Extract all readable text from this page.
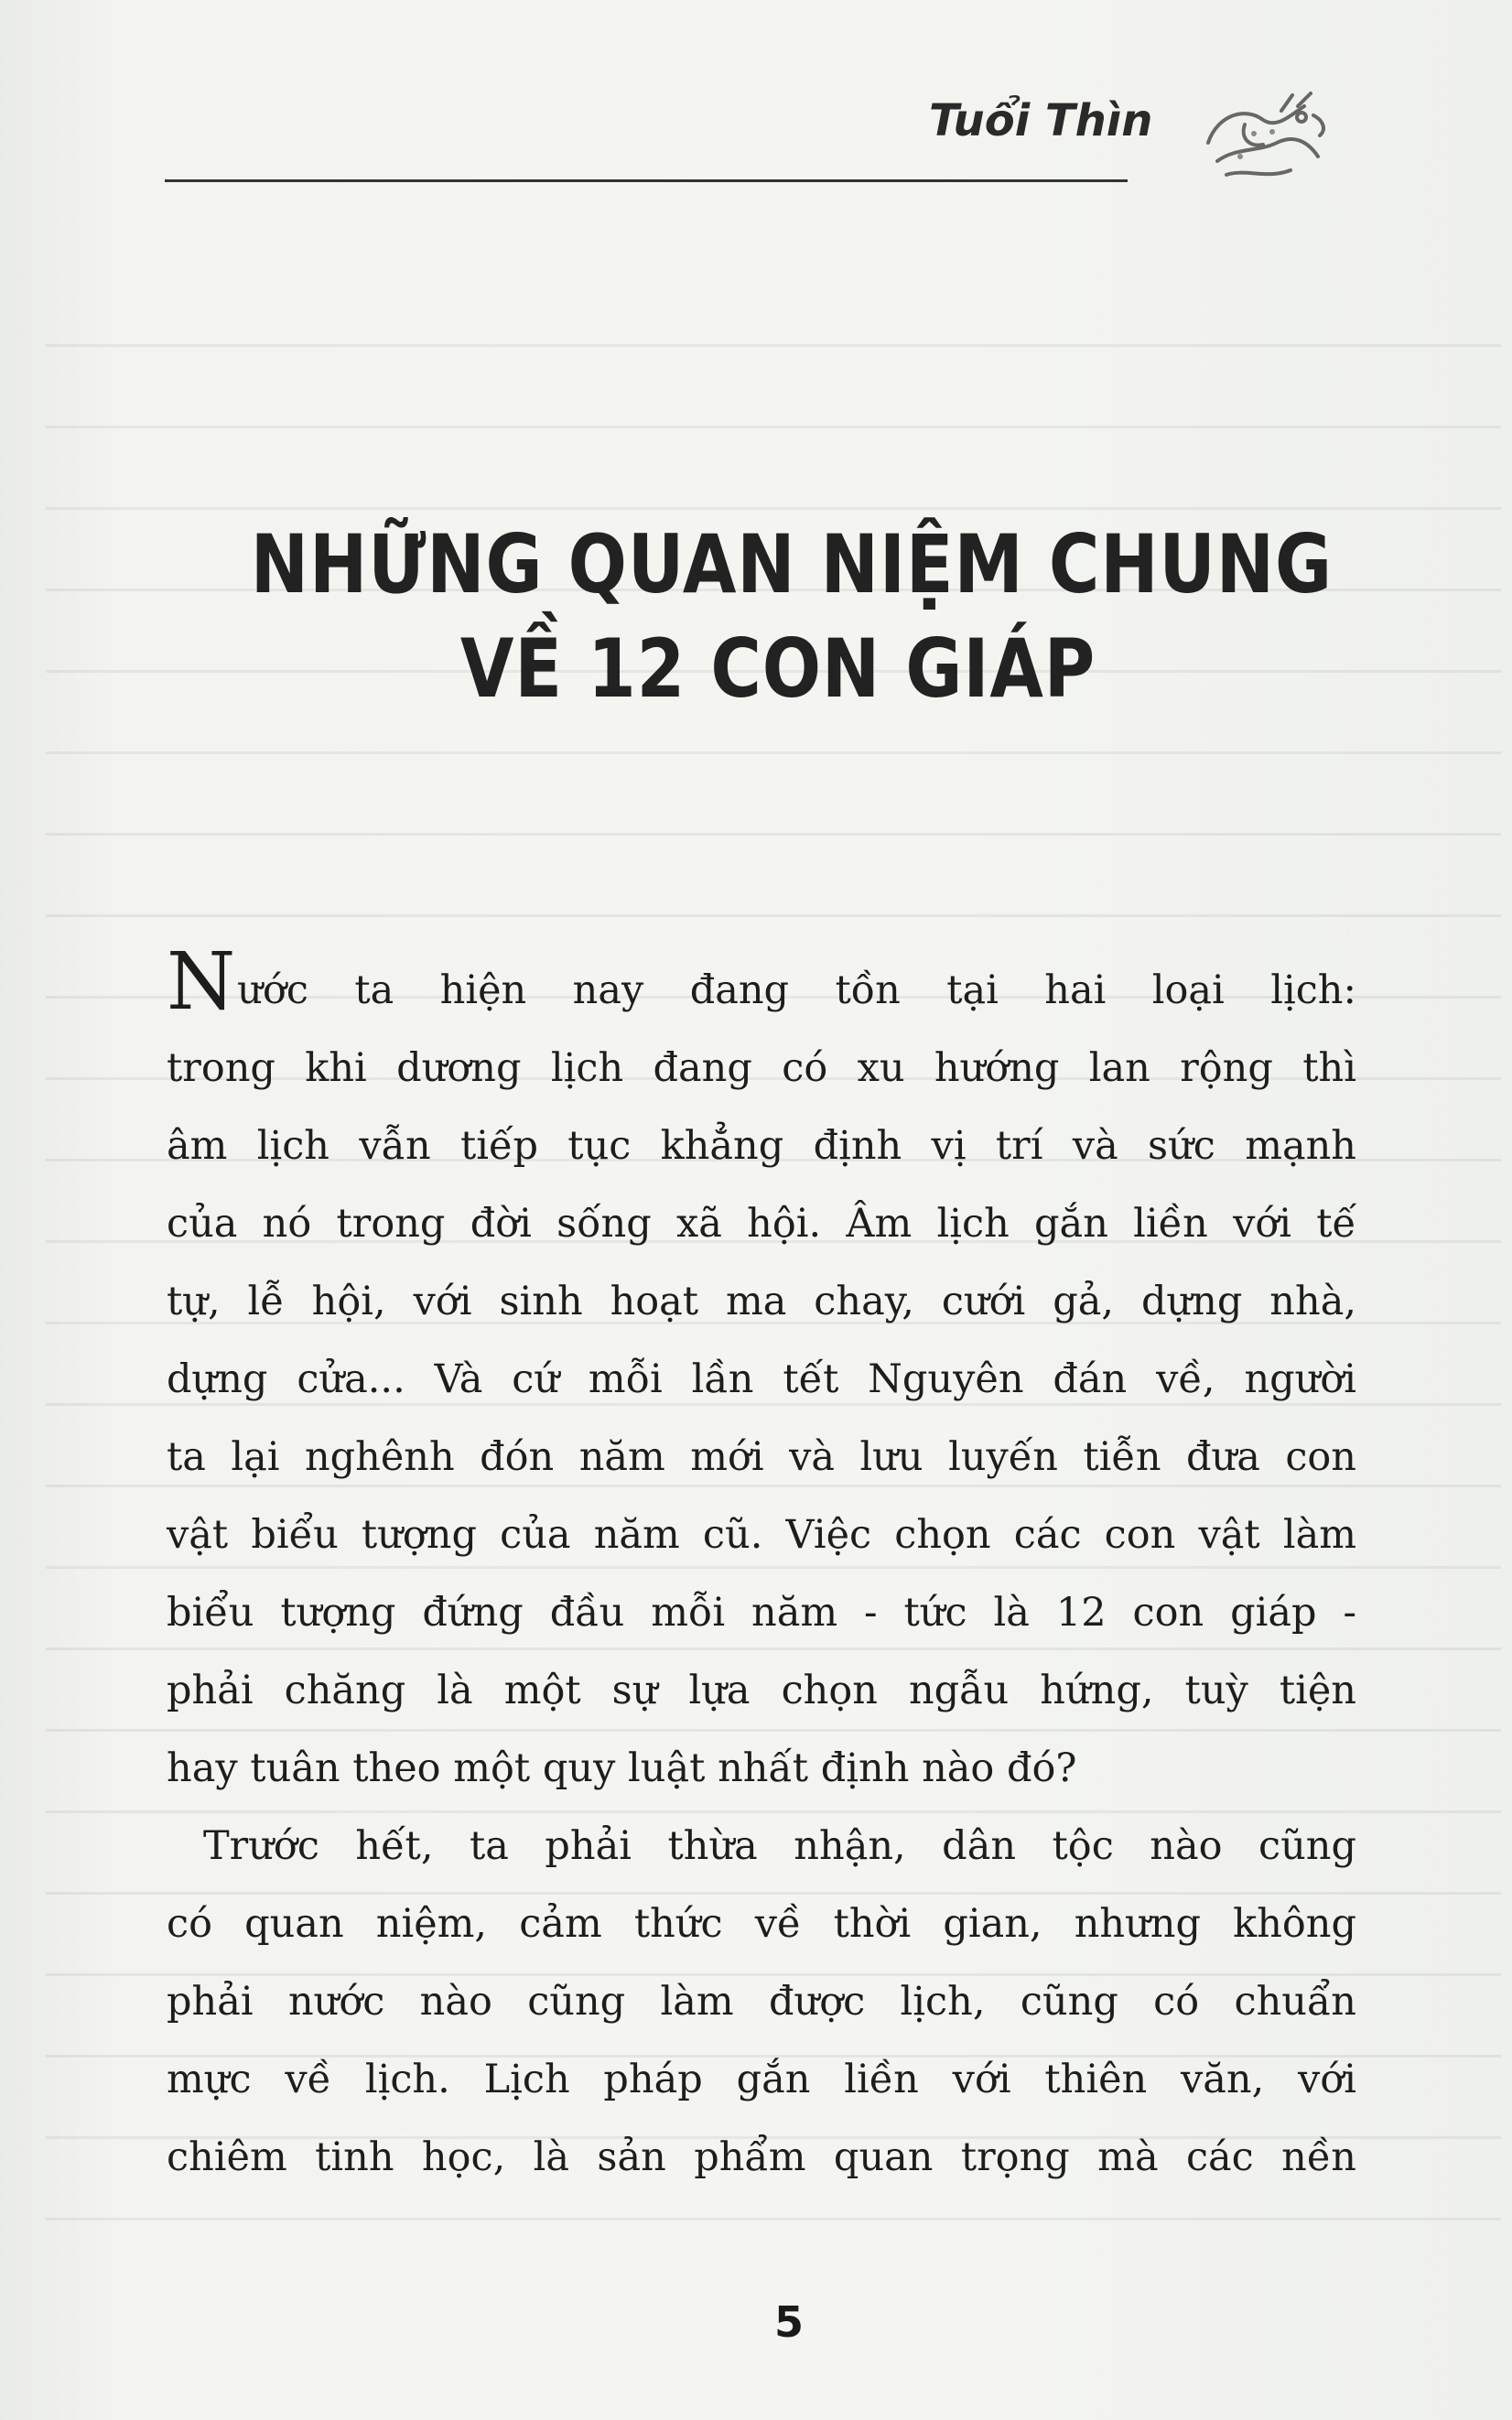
Tuổi Thìn
NHỮNG QUAN NIỆM CHUNG
VỀ 12 CON GIÁP
Nước ta hiện nay đang tồn tại hai loại lịch:
trong khi dương lịch đang có xu hướng lan rộng thì
âm lịch vẫn tiếp tục khẳng định vị trí và sức mạnh
của nó trong đời sống xã hội. Âm lịch gắn liền với tế
tự, lễ hội, với sinh hoạt ma chay, cưới gả, dựng nhà,
dựng cửa... Và cứ mỗi lần tết Nguyên đán về, người
ta lại nghênh đón năm mới và lưu luyến tiễn đưa con
vật biểu tượng của năm cũ. Việc chọn các con vật làm
biểu tượng đứng đầu mỗi năm - tức là 12 con giáp -
phải chăng là một sự lựa chọn ngẫu hứng, tuỳ tiện
hay tuân theo một quy luật nhất định nào đó?
Trước hết, ta phải thừa nhận, dân tộc nào cũng
có quan niệm, cảm thức về thời gian, nhưng không
phải nước nào cũng làm được lịch, cũng có chuẩn
mực về lịch. Lịch pháp gắn liền với thiên văn, với
chiêm tinh học, là sản phẩm quan trọng mà các nền
5
